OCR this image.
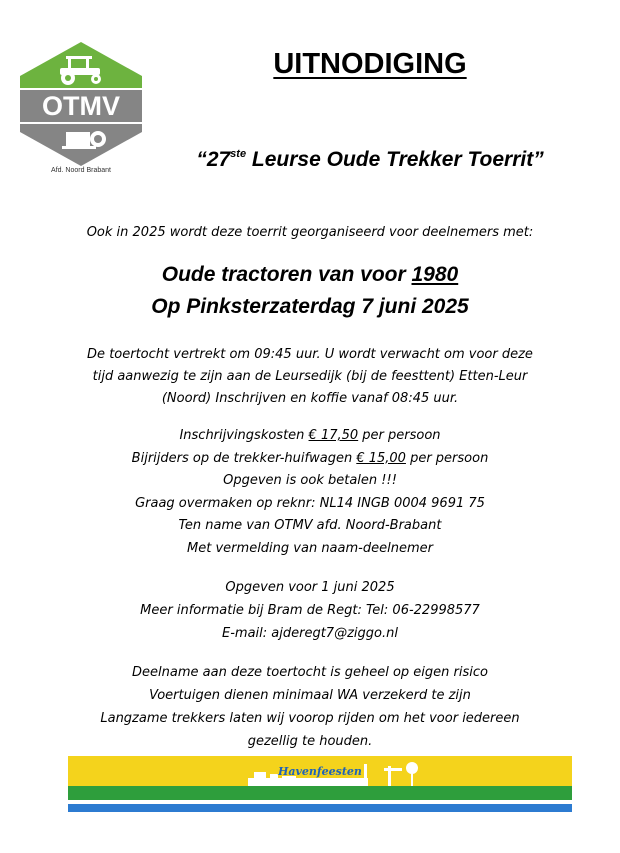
OTMV
Afd. Noord Brabant
UITNODIGING
“27ste Leurse Oude Trekker Toerrit”
Ook in 2025 wordt deze toerrit georganiseerd voor deelnemers met:
Oude tractoren van voor 1980
Op Pinksterzaterdag 7 juni 2025
De toertocht vertrekt om 09:45 uur. U wordt verwacht om voor deze
tijd aanwezig te zijn aan de Leursedijk (bij de feesttent) Etten-Leur
(Noord) Inschrijven en koffie vanaf 08:45 uur.
Inschrijvingskosten € 17,50 per persoon
Bijrijders op de trekker-huifwagen € 15,00 per persoon
Opgeven is ook betalen !!!
Graag overmaken op reknr: NL14 INGB 0004 9691 75
Ten name van OTMV afd. Noord-Brabant
Met vermelding van naam-deelnemer
Opgeven voor 1 juni 2025
Meer informatie bij Bram de Regt: Tel: 06-22998577
E-mail: ajderegt7@ziggo.nl
Deelname aan deze toertocht is geheel op eigen risico
Voertuigen dienen minimaal WA verzekerd te zijn
Langzame trekkers laten wij voorop rijden om het voor iedereen
gezellig te houden.
Havenfeesten
